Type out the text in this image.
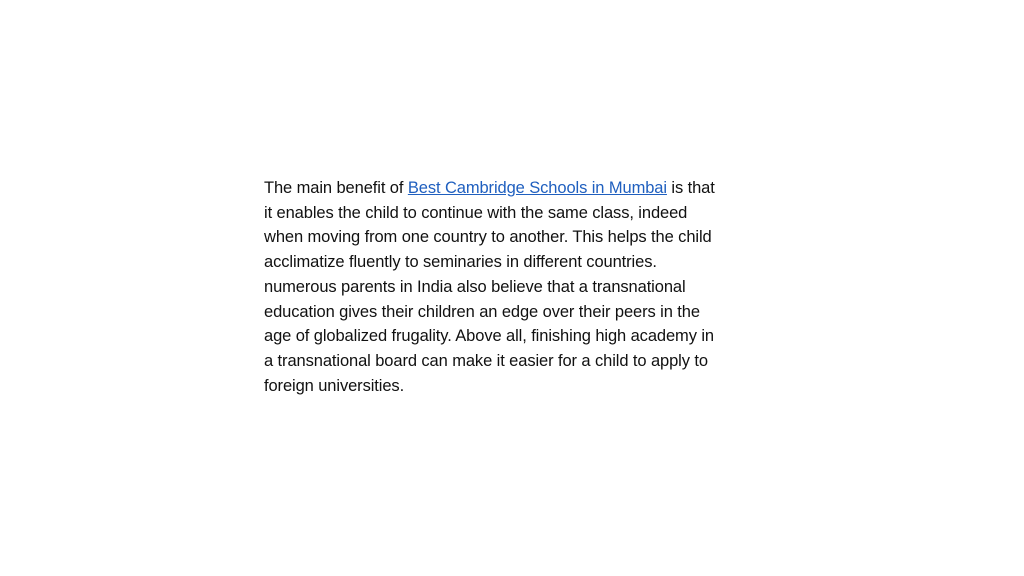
The main benefit of Best Cambridge Schools in Mumbai is that
it enables the child to continue with the same class, indeed
when moving from one country to another. This helps the child
acclimatize fluently to seminaries in different countries.
numerous parents in India also believe that a transnational
education gives their children an edge over their peers in the
age of globalized frugality. Above all, finishing high academy in
a transnational board can make it easier for a child to apply to
foreign universities.
